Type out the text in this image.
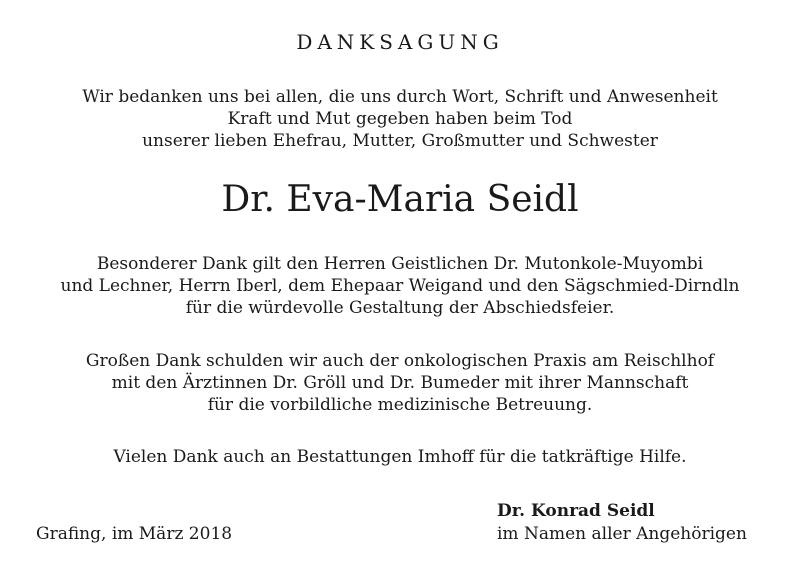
DANKSAGUNG
Wir bedanken uns bei allen, die uns durch Wort, Schrift und Anwesenheit
Kraft und Mut gegeben haben beim Tod
unserer lieben Ehefrau, Mutter, Großmutter und Schwester
Dr. Eva-Maria Seidl
Besonderer Dank gilt den Herren Geistlichen Dr. Mutonkole-Muyombi
und Lechner, Herrn Iberl, dem Ehepaar Weigand und den Sägschmied-Dirndln
für die würdevolle Gestaltung der Abschiedsfeier.
Großen Dank schulden wir auch der onkologischen Praxis am Reischlhof
mit den Ärztinnen Dr. Gröll und Dr. Bumeder mit ihrer Mannschaft
für die vorbildliche medizinische Betreuung.
Vielen Dank auch an Bestattungen Imhoff für die tatkräftige Hilfe.
Dr. Konrad Seidl
Grafing, im März 2018	im Namen aller Angehörigen
